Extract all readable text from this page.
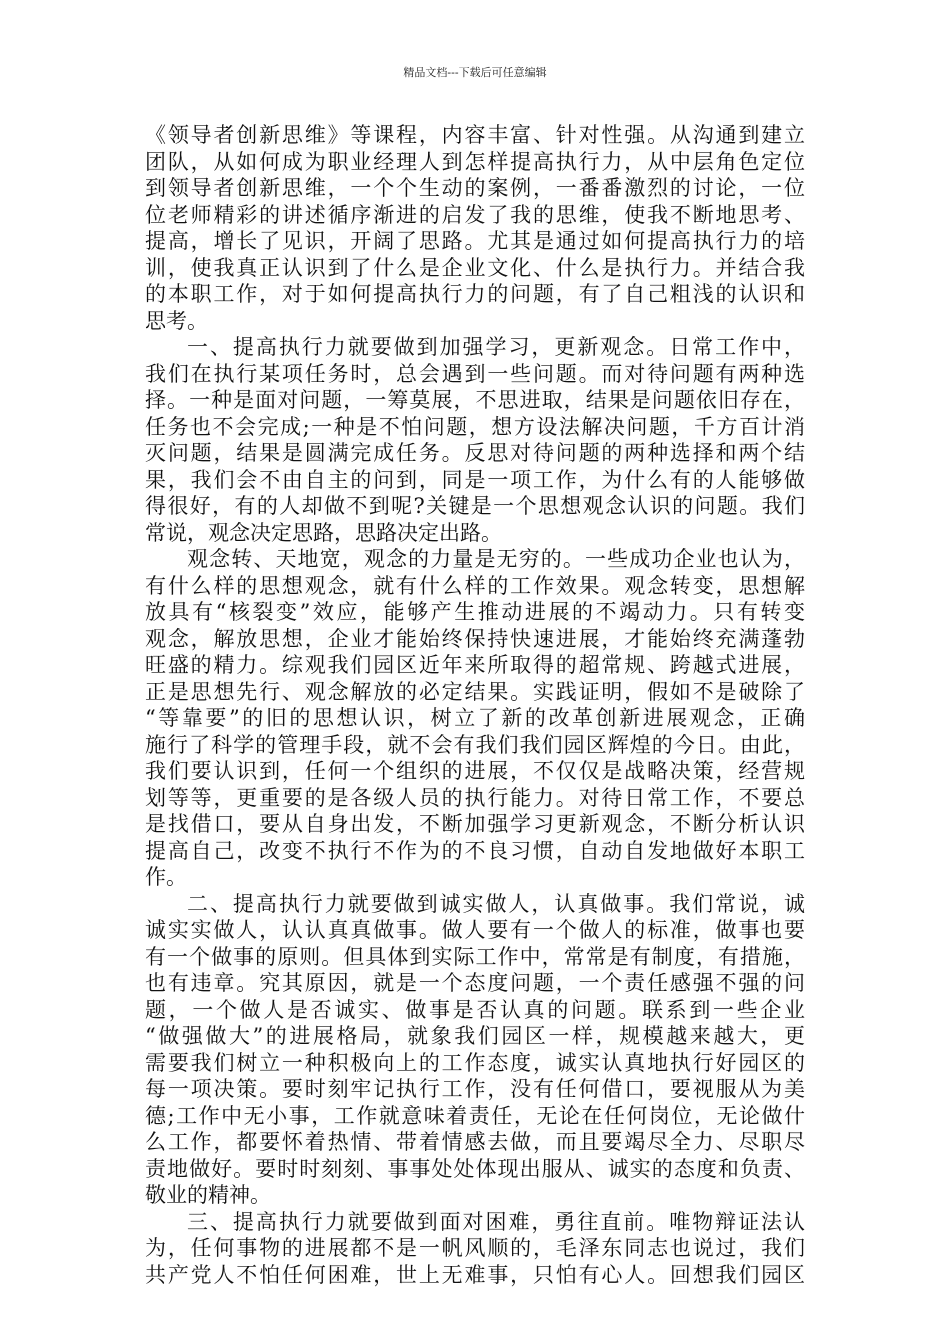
精品文档---下载后可任意编辑
《领导者创新思维》等课程，内容丰富、针对性强。从沟通到建立
团队，从如何成为职业经理人到怎样提高执行力，从中层角色定位
到领导者创新思维，一个个生动的案例，一番番激烈的讨论，一位
位老师精彩的讲述循序渐进的启发了我的思维，使我不断地思考、
提高，增长了见识，开阔了思路。尤其是通过如何提高执行力的培
训，使我真正认识到了什么是企业文化、什么是执行力。并结合我
的本职工作，对于如何提高执行力的问题，有了自己粗浅的认识和
思考。
一、提高执行力就要做到加强学习，更新观念。日常工作中，
我们在执行某项任务时，总会遇到一些问题。而对待问题有两种选
择。一种是面对问题，一筹莫展，不思进取，结果是问题依旧存在，
任务也不会完成;一种是不怕问题，想方设法解决问题，千方百计消
灭问题，结果是圆满完成任务。反思对待问题的两种选择和两个结
果，我们会不由自主的问到，同是一项工作，为什么有的人能够做
得很好，有的人却做不到呢?关键是一个思想观念认识的问题。我们
常说，观念决定思路，思路决定出路。
观念转、天地宽，观念的力量是无穷的。一些成功企业也认为，
有什么样的思想观念，就有什么样的工作效果。观念转变，思想解
放具有“核裂变”效应，能够产生推动进展的不竭动力。只有转变
观念，解放思想，企业才能始终保持快速进展，才能始终充满蓬勃
旺盛的精力。综观我们园区近年来所取得的超常规、跨越式进展，
正是思想先行、观念解放的必定结果。实践证明，假如不是破除了
“等靠要”的旧的思想认识，树立了新的改革创新进展观念，正确
施行了科学的管理手段，就不会有我们我们园区辉煌的今日。由此，
我们要认识到，任何一个组织的进展，不仅仅是战略决策，经营规
划等等，更重要的是各级人员的执行能力。对待日常工作，不要总
是找借口，要从自身出发，不断加强学习更新观念，不断分析认识
提高自己，改变不执行不作为的不良习惯，自动自发地做好本职工
作。
二、提高执行力就要做到诚实做人，认真做事。我们常说，诚
诚实实做人，认认真真做事。做人要有一个做人的标准，做事也要
有一个做事的原则。但具体到实际工作中，常常是有制度，有措施，
也有违章。究其原因，就是一个态度问题，一个责任感强不强的问
题，一个做人是否诚实、做事是否认真的问题。联系到一些企业
“做强做大”的进展格局，就象我们园区一样，规模越来越大，更
需要我们树立一种积极向上的工作态度，诚实认真地执行好园区的
每一项决策。要时刻牢记执行工作，没有任何借口，要视服从为美
德;工作中无小事，工作就意味着责任，无论在任何岗位，无论做什
么工作，都要怀着热情、带着情感去做，而且要竭尽全力、尽职尽
责地做好。要时时刻刻、事事处处体现出服从、诚实的态度和负责、
敬业的精神。
三、提高执行力就要做到面对困难，勇往直前。唯物辩证法认
为，任何事物的进展都不是一帆风顺的，毛泽东同志也说过，我们
共产党人不怕任何困难，世上无难事，只怕有心人。回想我们园区
